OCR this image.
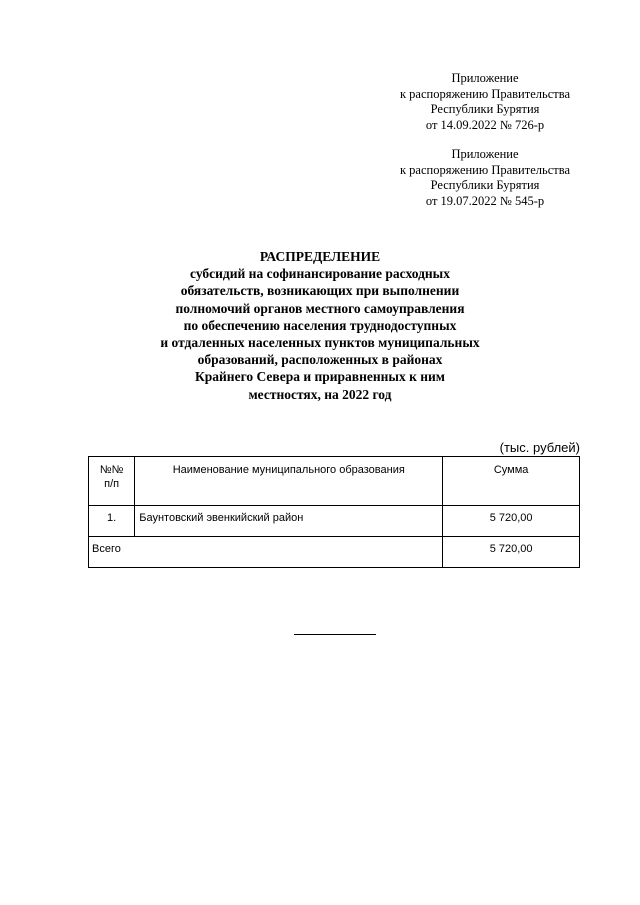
Приложение
к распоряжению Правительства
Республики Бурятия
от 14.09.2022 № 726-р
Приложение
к распоряжению Правительства
Республики Бурятия
от 19.07.2022 № 545-р
РАСПРЕДЕЛЕНИЕ
субсидий на софинансирование расходных
обязательств, возникающих при выполнении
полномочий органов местного самоуправления
по обеспечению населения труднодоступных
и отдаленных населенных пунктов муниципальных
образований, расположенных в районах
Крайнего Севера и приравненных к ним
местностях, на 2022 год
(тыс. рублей)
№№
п/п	Наименование муниципального образования	Сумма
1.	Баунтовский эвенкийский район	5 720,00
Всего		5 720,00
